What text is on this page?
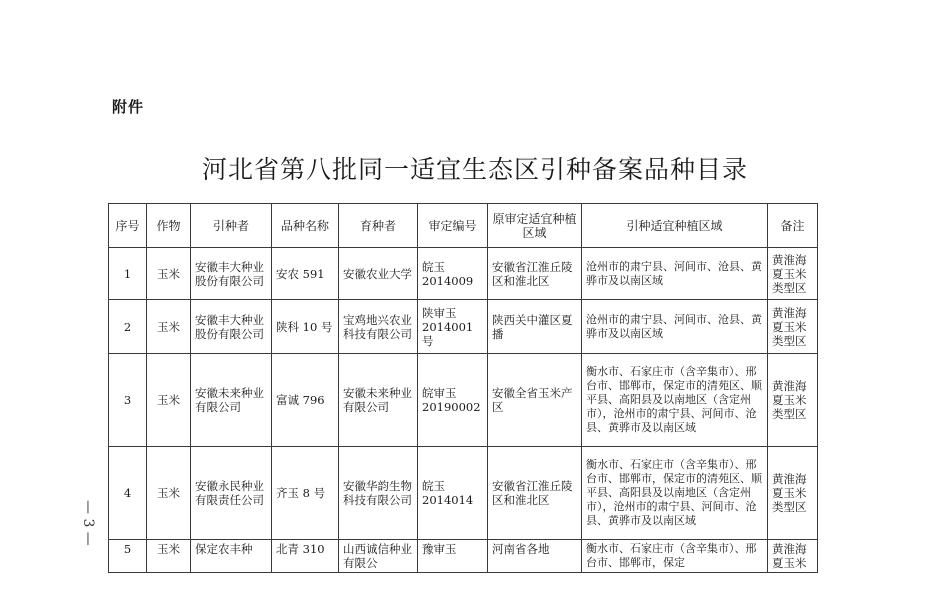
附件
河北省第八批同一适宜生态区引种备案品种目录
— 3 —
序号	作物	引种者	品种名称	育种者	审定编号	原审定适宜种植区域	引种适宜种植区域	备注
1	玉米	安徽丰大种业股份有限公司	安农 591	安徽农业大学	皖玉 2014009	安徽省江淮丘陵区和淮北区	沧州市的肃宁县、河间市、沧县、黄骅市及以南区域	黄淮海夏玉米类型区
2	玉米	安徽丰大种业股份有限公司	陕科 10 号	宝鸡地兴农业科技有限公司	陕审玉 2014001 号	陕西关中灌区夏播	沧州市的肃宁县、河间市、沧县、黄骅市及以南区域	黄淮海夏玉米类型区
3	玉米	安徽未来种业有限公司	富诚 796	安徽未来种业有限公司	皖审玉 20190002	安徽全省玉米产区	衡水市、石家庄市（含辛集市）、邢台市、邯郸市，保定市的清苑区、顺平县、高阳县及以南地区（含定州市），沧州市的肃宁县、河间市、沧县、黄骅市及以南区域	黄淮海夏玉米类型区
4	玉米	安徽永民种业有限责任公司	齐玉 8 号	安徽华韵生物科技有限公司	皖玉 2014014	安徽省江淮丘陵区和淮北区	衡水市、石家庄市（含辛集市）、邢台市、邯郸市，保定市的清苑区、顺平县、高阳县及以南地区（含定州市），沧州市的肃宁县、河间市、沧县、黄骅市及以南区域	黄淮海夏玉米类型区
5	玉米	保定农丰种	北青 310	山西诚信种业有限公	豫审玉	河南省各地	衡水市、石家庄市（含辛集市）、邢台市、邯郸市，保定	黄淮海夏玉米
